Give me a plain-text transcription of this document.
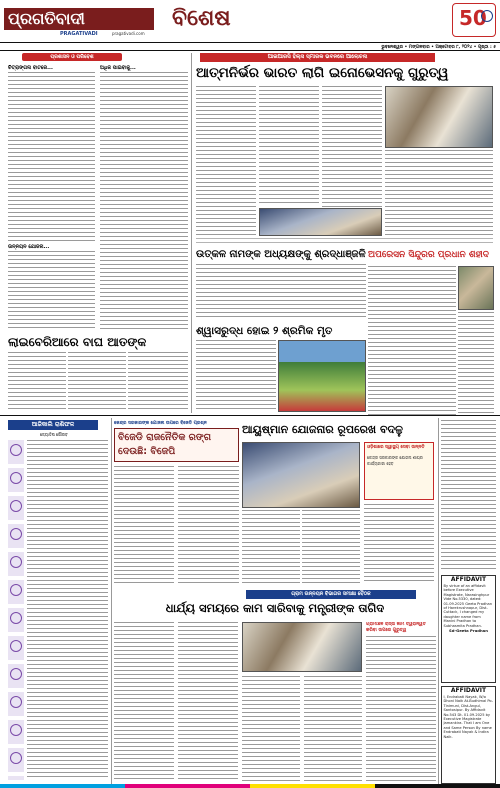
ପ୍ରଗତିବାଦୀ
PRAGATIVADI	pragativadi.com
ବିଶେଷ	50
ଭୁବନେଶ୍ୱର • ମଙ୍ଗଳବାର • ଅକ୍ଟୋବର ୮, ୨୦୨୪ • ପୃଷ୍ଠା : ୫
ପ୍ରଶାସନ ଓ ପରିବେଶ
ଚିତ୍ରାଙ୍ଗନା ବାଟରେ...	ଅଧିକ ପାଇବାକୁ...
ଉନ୍ନୟନ ଯୋଜନା...
ଲାଇବେରିଆରେ ବାଘ ଆତଙ୍କ
ଆଇଆରସି ହିଲ୍ସ ସ୍ମାରକ ଭବନରେ ଆଲୋଚନା
ଆତ୍ମନିର୍ଭର ଭାରତ ଲାଗି ଇନୋଭେସନକୁ ଗୁରୁତ୍ୱ
ଉତ୍କଳ ନାମଙ୍କ ଅଧ୍ୟକ୍ଷଙ୍କୁ ଶ୍ରଦ୍ଧାଞ୍ଜଳି ଅପରେସନ ସିନ୍ଦୁରର ପ୍ରଧାନ ଶହୀଦ
ଶ୍ୱାସରୁଦ୍ଧ ହୋଇ ୨ ଶ୍ରମିକ ମୃତ
ଆଜିକାଲି ରାଶିଫଳ
ଜ୍ୟୋତିଷ ଗୌରବ
କେନ୍ଦ୍ର ସରକାରଙ୍କ ଯୋଜନା ଉପରେ ବିଜେଡି ପ୍ରଶ୍ନ
ବିଜେଡି ରାଜନୈତିକ ରଙ୍ଗ ଦେଉଛି: ବିଜେପି
ଆୟୁଷ୍ମାନ ଯୋଜନାର ରୂପରେଖ ବଦଳୁ
ଓଡ଼ିଶାରେ ସ୍ୱାସ୍ଥ୍ୟ ସେବା ଉନ୍ନତି
କେନ୍ଦ୍ର ସରକାରଙ୍କ ଯୋଜନା ଶୀଘ୍ର କାର୍ଯ୍ୟକାରୀ ହେବ
ଗ୍ରାମ ଉନ୍ନୟନ ବିଭାଗର ସମୀକ୍ଷା ବୈଠକ
ଧାର୍ଯ୍ୟ ସମୟରେ କାମ ସାରିବାକୁ ମନ୍ତ୍ରୀଙ୍କ ତାଗିଦ
ଗ୍ରାମାଞ୍ଚଳ ରାସ୍ତା କାମ ତ୍ୱରାନ୍ୱିତ କରିବା ଉପରେ ଗୁରୁତ୍ୱ
AFFIDAVIT
By virtue of an affidavit before Executive Magistrate, Narasinghpur Vide No.5330, dated: 01.09.2025 Geeta Pradhan of Harekrushnapur, Dist-Cuttack, I changed my daughter name from Manini Pradhan to Subhasmita Pradhan.
Sd-Geeta Pradhan
AFFIDAVIT
I, Endrabati Nayak, W/o Dhoni Naik At-Budhimal Po-Tinimuni, Dist-Angul, Santosipur. By Affidavit No.543 Dt. 01.09.2025 by Executive Magistrate Jamankira. That I am One and Same Person By name Endrabati Nayak & Indira Naik.
